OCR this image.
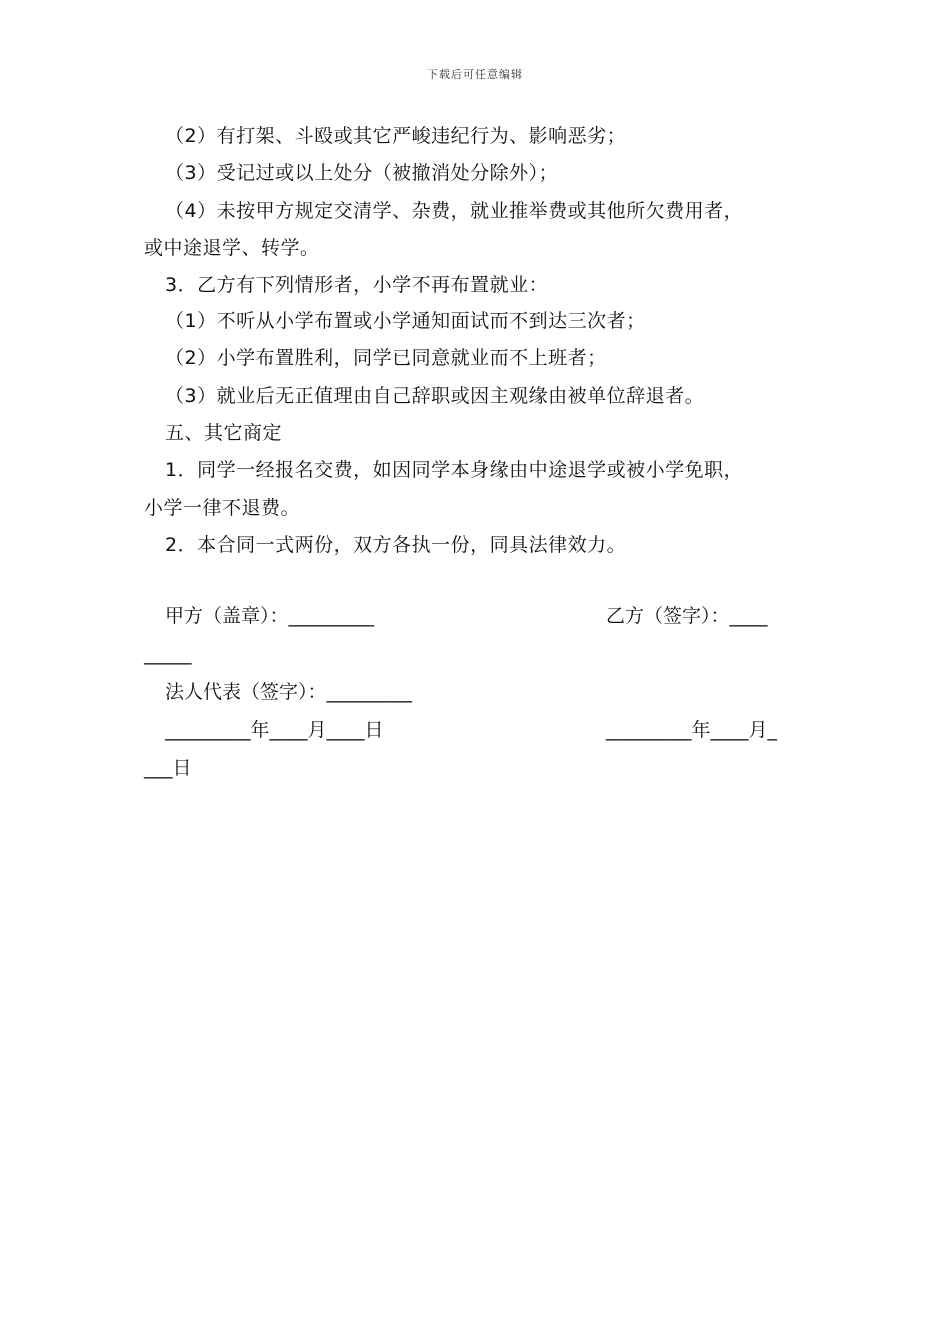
下载后可任意编辑
（2）有打架、斗殴或其它严峻违纪行为、影响恶劣；
（3）受记过或以上处分（被撤消处分除外）；
（4）未按甲方规定交清学、杂费，就业推举费或其他所欠费用者，
或中途退学、转学。
3．乙方有下列情形者，小学不再布置就业：
（1）不听从小学布置或小学通知面试而不到达三次者；
（2）小学布置胜利，同学已同意就业而不上班者；
（3）就业后无正值理由自己辞职或因主观缘由被单位辞退者。
五、其它商定
1．同学一经报名交费，如因同学本身缘由中途退学或被小学免职，
小学一律不退费。
2．本合同一式两份，双方各执一份，同具法律效力。
甲方（盖章）：_________	乙方（签字）：____
_____
法人代表（签字）：_________
_________年____月____日	_________年____月_
___日
